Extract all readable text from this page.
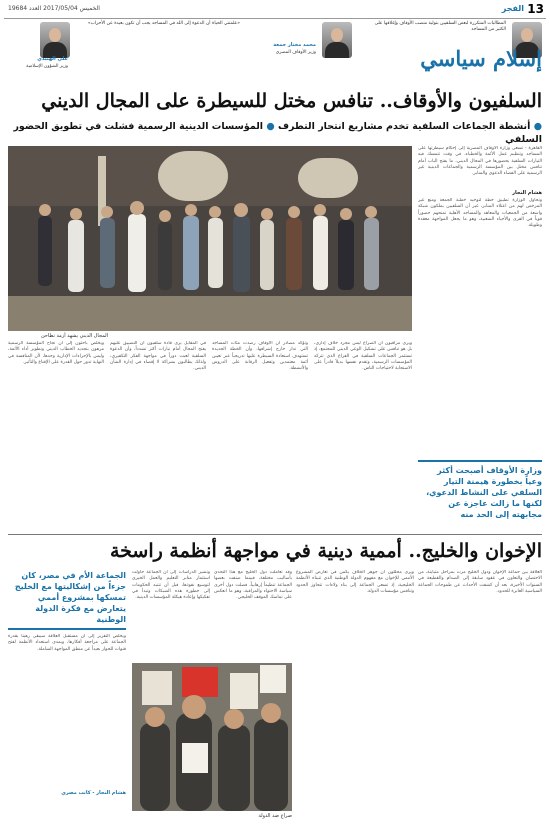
13
الفجر
الخميس 2017/05/04 العدد 19684
المطالبات المتكررة لبعض السلفيين بتولية منصب الأوقاف وإغلاقها على الكثير من المساجد
محمد مختار جمعة
وزير الأوقاف المصري
«علمتني الحياة أن الدعوة إلى الله في المساجد يجب أن تكون بعيدة عن الأحزاب»
علي الهنيدي
وزير الشؤون الإسلامية	إسلام سياسي
السلفيون والأوقاف.. تنافس مختل للسيطرة على المجال الديني
● أنشطة الجماعات السلفية تخدم مشاريع انتحار التطرف ● المؤسسات الدينية الرسمية فشلت في تطويق الحضور السلفي
القاهرة - تسعى وزارة الأوقاف المصرية إلى إحكام سيطرتها على المساجد وتنظيم عمل الأئمة والخطباء، في وقت تتمسك فيه التيارات السلفية بحضورها في المجال الديني، ما يفتح الباب أمام تنافس مختل بين المؤسسة الرسمية والجماعات الدينية غير الرسمية على الفضاء الدعوي والمنابر.
هشام النجار
وتحاول الوزارة تطبيق خطة لتوحيد خطبة الجمعة ومنع غير المرخص لهم من اعتلاء المنابر، غير أن السلفيين يملكون شبكة واسعة من الجمعيات والمعاهد والمساجد الأهلية تمنحهم حضوراً قوياً في القرى والأحياء الشعبية، وهو ما يجعل المواجهة معقدة وطويلة.
المجال الديني يشهد أزمة تطاحن
ويخلص باحثون إلى أن نجاح المؤسسة الرسمية مرهون بتجديد الخطاب الديني وتطوير أداء الأئمة، وليس بالإجراءات الإدارية وحدها، لأن المنافسة في النهاية تدور حول القدرة على الإقناع والتأثير.
في المقابل يرى قادة سلفيون أن التضييق عليهم يفتح المجال أمام تيارات أكثر تشدداً، وأن الدعوة السلفية لعبت دوراً في مواجهة الفكر التكفيري، ولذلك يطالبون بشراكة لا إقصاء في إدارة الشأن الديني.
وتؤكد مصادر أن الأوقاف رصدت مئات المساجد التي تدار خارج إشرافها، وأن الخطة الجديدة تستهدف استعادة السيطرة عليها تدريجياً عبر تعيين أئمة معتمدين وتفعيل الرقابة على الدروس والأنشطة.
ويرى مراقبون أن الصراع ليس مجرد خلاف إداري، بل هو تنافس على تشكيل الوعي الديني للمجتمع، إذ تستثمر الجماعات السلفية في الفراغ الذي تتركه المؤسسات الرسمية، وتقدم نفسها بديلاً قادراً على الاستجابة لاحتياجات الناس.
وزارة الأوقاف أصبحت أكثر وعياً بخطورة هيمنة التيار السلفي على النشاط الدعوي، لكنها ما زالت عاجزة عن مجابهته إلى الحد منه
الإخوان والخليج.. أممية دينية في مواجهة أنظمة راسخة
العلاقة بين جماعة الإخوان ودول الخليج مرت بمراحل متباينة، من الاحتضان والتعاون في عقود سابقة إلى الصدام والقطيعة في السنوات الأخيرة، بعد أن كشفت الأحداث عن طموحات الجماعة السياسية العابرة للحدود.
ويرى محللون أن جوهر الخلاف يكمن في تعارض المشروع الأممي للإخوان مع مفهوم الدولة الوطنية الذي تتبناه الأنظمة الخليجية، إذ تسعى الجماعة إلى بناء ولاءات تتجاوز الحدود وتنافس مؤسسات الدولة.
وتشير الدراسات إلى أن الجماعة حاولت استثمار منابر التعليم والعمل الخيري لتوسيع نفوذها، قبل أن تنتبه الحكومات إلى خطورة هذه الشبكات وتبدأ في تفكيكها وإعادة هيكلة المؤسسات الدينية.
وقد تعاملت دول الخليج مع هذا التحدي بأساليب مختلفة، فبينما صنفت بعضها الجماعة تنظيماً إرهابياً، فضلت دول أخرى سياسة الاحتواء والمراقبة، وهو ما انعكس على تماسك الموقف الخليجي.
صراع ضد الدولة
الجماعة الأم في مصر، كان جزءاً من إشكاليتها مع الخليج تمسكها بمشروع أممي يتعارض مع فكرة الدولة الوطنية
ويخلص التقرير إلى أن مستقبل العلاقة سيبقى رهيناً بقدرة الجماعة على مراجعة أفكارها، وبمدى استعداد الأنظمة لفتح قنوات للحوار بعيداً عن منطق المواجهة الشاملة.
هشام النجار - كاتب مصري
